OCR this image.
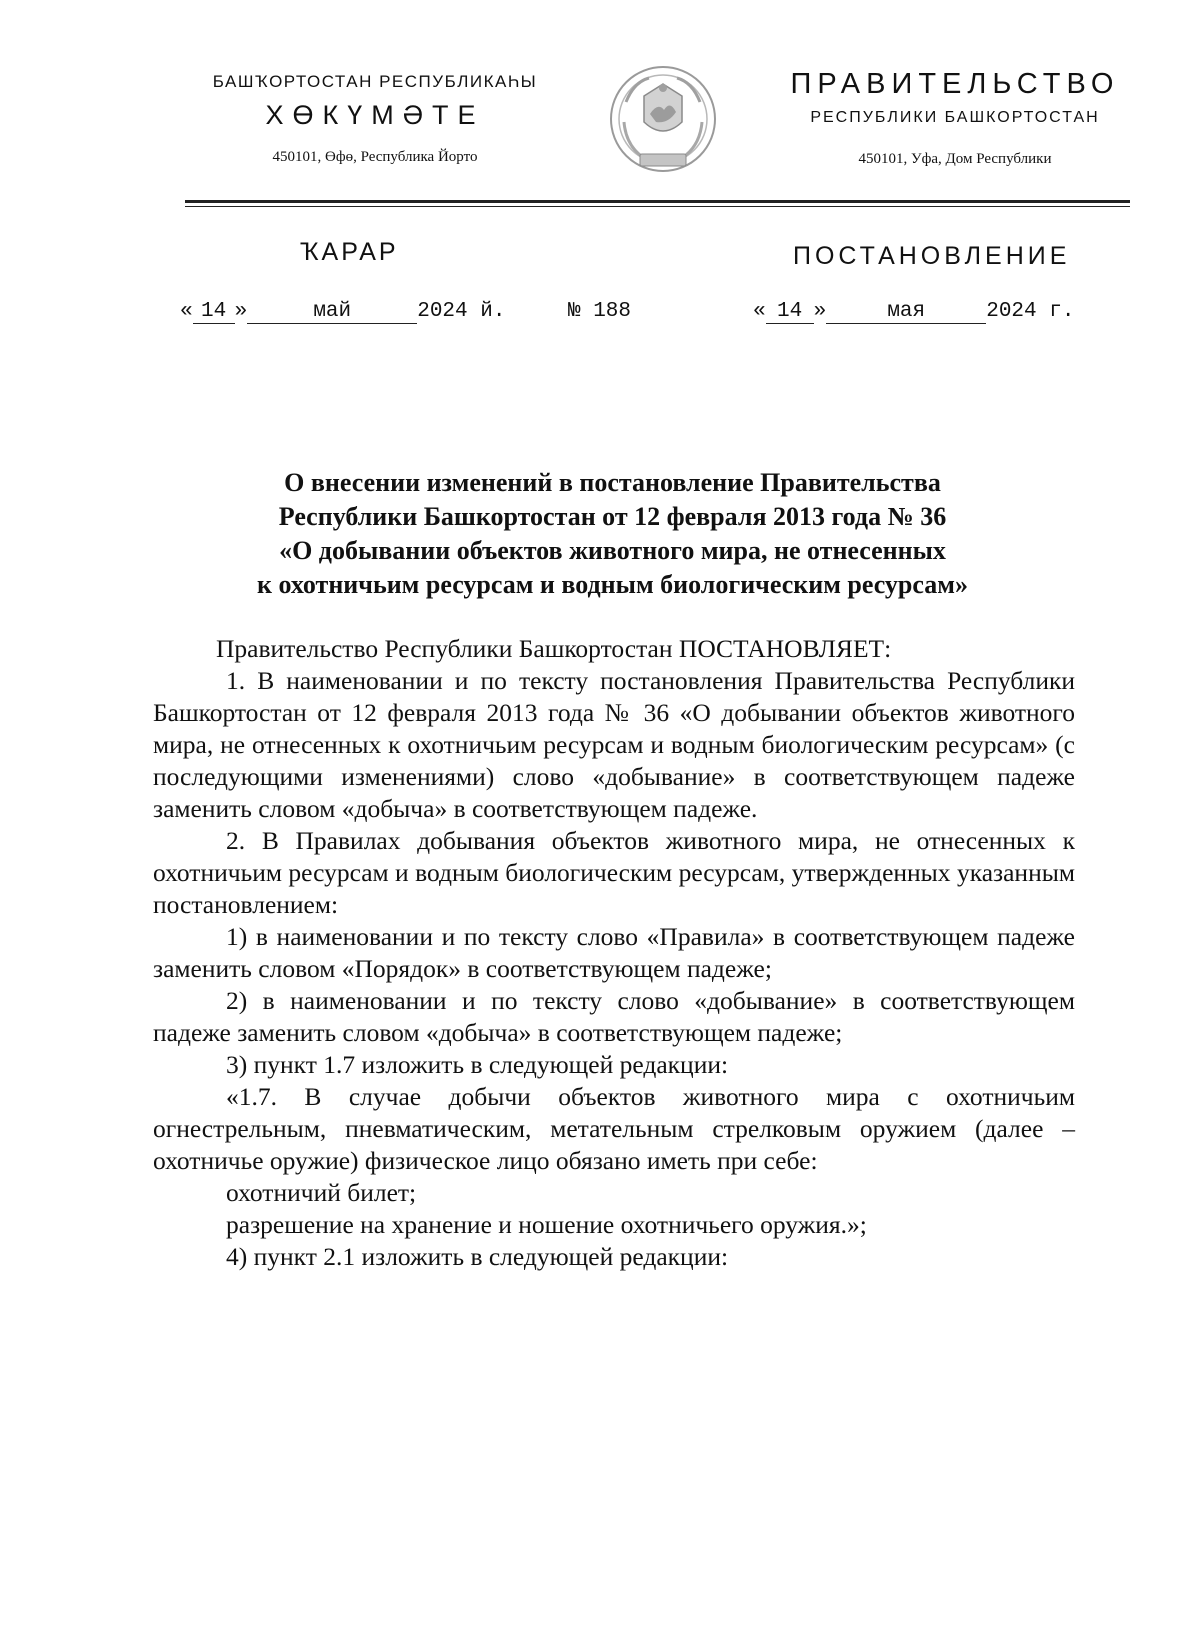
БАШҠОРТОСТАН РЕСПУБЛИКАҺЫ
ХӨКҮМӘТЕ
450101, Өфө, Республика Йорто
ПРАВИТЕЛЬСТВО
РЕСПУБЛИКИ БАШКОРТОСТАН
450101, Уфа, Дом Республики
ҠАРАР	ПОСТАНОВЛЕНИЕ
« 14 »	май	2024 й.	№ 188	« 14 »	мая	2024 г.
О внесении изменений в постановление Правительства
Республики Башкортостан от 12 февраля 2013 года № 36
«О добывании объектов животного мира, не отнесенных
к охотничьим ресурсам и водным биологическим ресурсам»

Правительство Республики Башкортостан ПОСТАНОВЛЯЕТ:

1. В наименовании и по тексту постановления Правительства Республики Башкортостан от 12 февраля 2013 года № 36 «О добывании объектов животного мира, не отнесенных к охотничьим ресурсам и водным биологическим ресурсам» (с последующими изменениями) слово «добывание» в соответствующем падеже заменить словом «добыча» в соответствующем падеже.

2. В Правилах добывания объектов животного мира, не отнесенных к охотничьим ресурсам и водным биологическим ресурсам, утвержденных указанным постановлением:

1) в наименовании и по тексту слово «Правила» в соответствующем падеже заменить словом «Порядок» в соответствующем падеже;

2) в наименовании и по тексту слово «добывание» в соответствующем падеже заменить словом «добыча» в соответствующем падеже;

3) пункт 1.7 изложить в следующей редакции:

«1.7. В случае добычи объектов животного мира с охотничьим огнестрельным, пневматическим, метательным стрелковым оружием (далее – охотничье оружие) физическое лицо обязано иметь при себе:

охотничий билет;

разрешение на хранение и ношение охотничьего оружия.»;

4) пункт 2.1 изложить в следующей редакции:
